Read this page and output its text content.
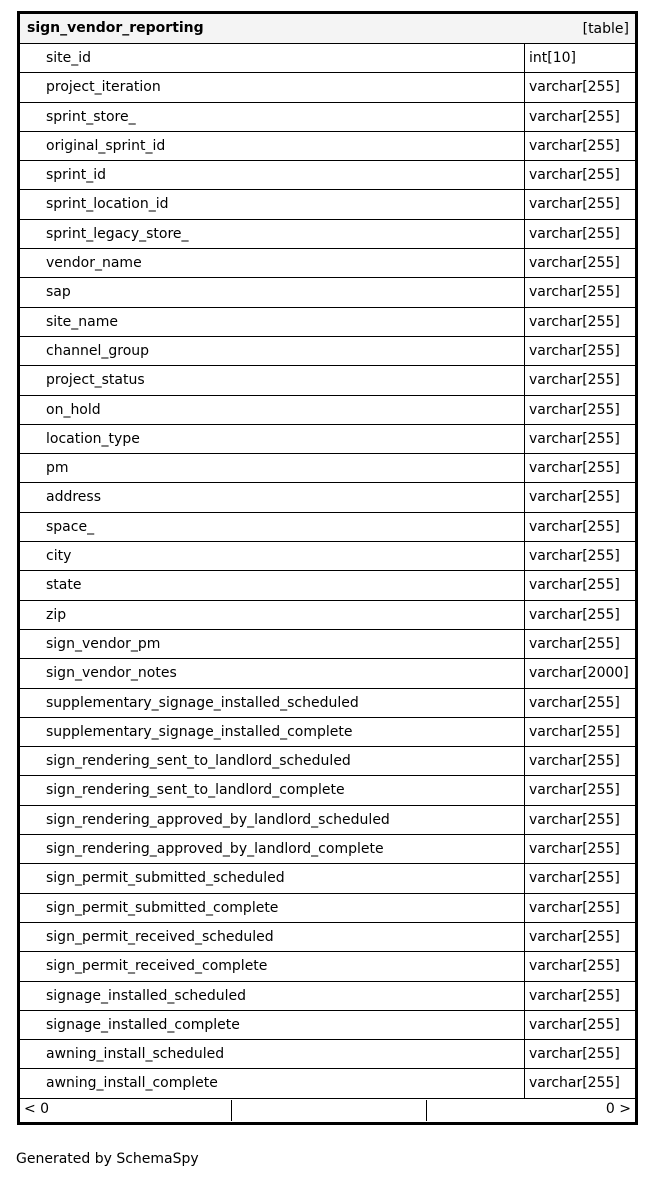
sign_vendor_reporting	[table]
site_id	int[10]
project_iteration	varchar[255]
sprint_store_	varchar[255]
original_sprint_id	varchar[255]
sprint_id	varchar[255]
sprint_location_id	varchar[255]
sprint_legacy_store_	varchar[255]
vendor_name	varchar[255]
sap	varchar[255]
site_name	varchar[255]
channel_group	varchar[255]
project_status	varchar[255]
on_hold	varchar[255]
location_type	varchar[255]
pm	varchar[255]
address	varchar[255]
space_	varchar[255]
city	varchar[255]
state	varchar[255]
zip	varchar[255]
sign_vendor_pm	varchar[255]
sign_vendor_notes	varchar[2000]
supplementary_signage_installed_scheduled	varchar[255]
supplementary_signage_installed_complete	varchar[255]
sign_rendering_sent_to_landlord_scheduled	varchar[255]
sign_rendering_sent_to_landlord_complete	varchar[255]
sign_rendering_approved_by_landlord_scheduled	varchar[255]
sign_rendering_approved_by_landlord_complete	varchar[255]
sign_permit_submitted_scheduled	varchar[255]
sign_permit_submitted_complete	varchar[255]
sign_permit_received_scheduled	varchar[255]
sign_permit_received_complete	varchar[255]
signage_installed_scheduled	varchar[255]
signage_installed_complete	varchar[255]
awning_install_scheduled	varchar[255]
awning_install_complete	varchar[255]
< 0	0 >
Generated by SchemaSpy
